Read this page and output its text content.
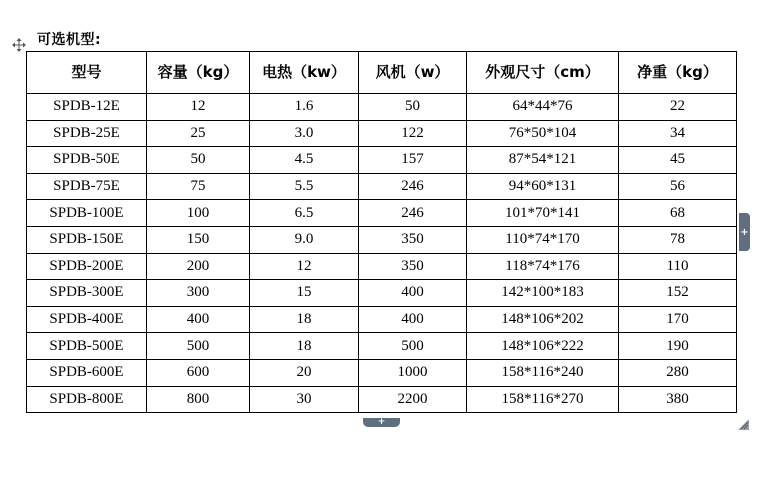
可选机型:
型号	容量（kg）	电热（kw）	风机（w）	外观尺寸（cm）	净重（kg）
SPDB-12E	12	1.6	50	64*44*76	22
SPDB-25E	25	3.0	122	76*50*104	34
SPDB-50E	50	4.5	157	87*54*121	45
SPDB-75E	75	5.5	246	94*60*131	56
SPDB-100E	100	6.5	246	101*70*141	68
SPDB-150E	150	9.0	350	110*74*170	78
SPDB-200E	200	12	350	118*74*176	110
SPDB-300E	300	15	400	142*100*183	152
SPDB-400E	400	18	400	148*106*202	170
SPDB-500E	500	18	500	148*106*222	190
SPDB-600E	600	20	1000	158*116*240	280
SPDB-800E	800	30	2200	158*116*270	380
+
+
